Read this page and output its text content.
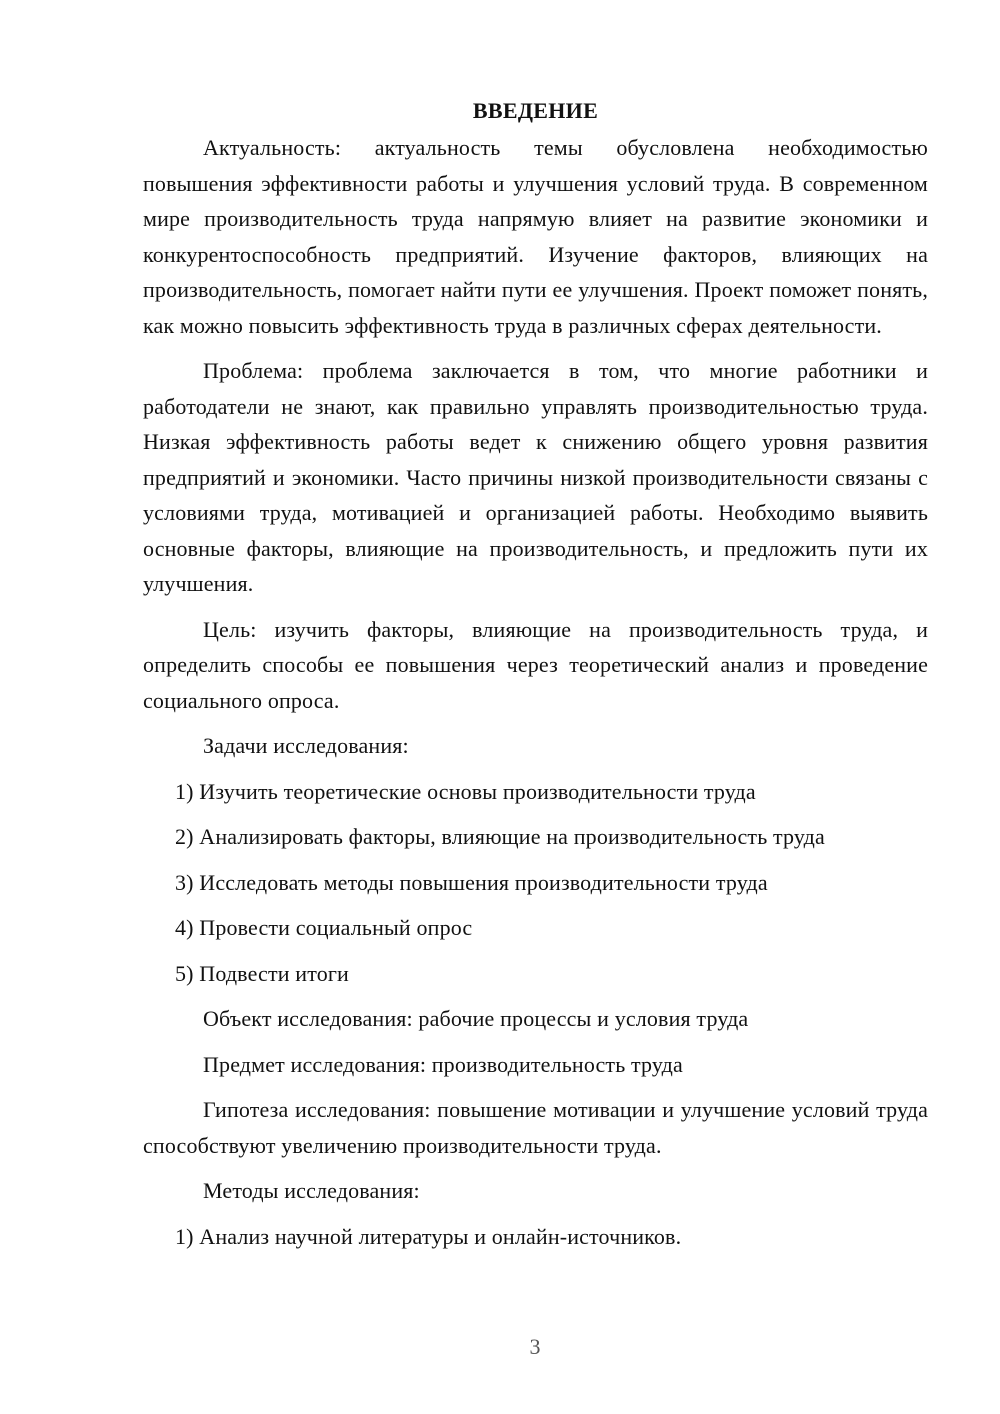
ВВЕДЕНИЕ

Актуальность: актуальность темы обусловлена необходимостью повышения эффективности работы и улучшения условий труда. В современном мире производительность труда напрямую влияет на развитие экономики и конкурентоспособность предприятий. Изучение факторов, влияющих на производительность, помогает найти пути ее улучшения. Проект поможет понять, как можно повысить эффективность труда в различных сферах деятельности.

Проблема: проблема заключается в том, что многие работники и работодатели не знают, как правильно управлять производительностью труда. Низкая эффективность работы ведет к снижению общего уровня развития предприятий и экономики. Часто причины низкой производительности связаны с условиями труда, мотивацией и организацией работы. Необходимо выявить основные факторы, влияющие на производительность, и предложить пути их улучшения.

Цель: изучить факторы, влияющие на производительность труда, и определить способы ее повышения через теоретический анализ и проведение социального опроса.

Задачи исследования:
1) Изучить теоретические основы производительности труда
2) Анализировать факторы, влияющие на производительность труда
3) Исследовать методы повышения производительности труда
4) Провести социальный опрос
5) Подвести итоги
Объект исследования: рабочие процессы и условия труда
Предмет исследования: производительность труда

Гипотеза исследования: повышение мотивации и улучшение условий труда способствуют увеличению производительности труда.

Методы исследования:
1) Анализ научной литературы и онлайн-источников.
3
